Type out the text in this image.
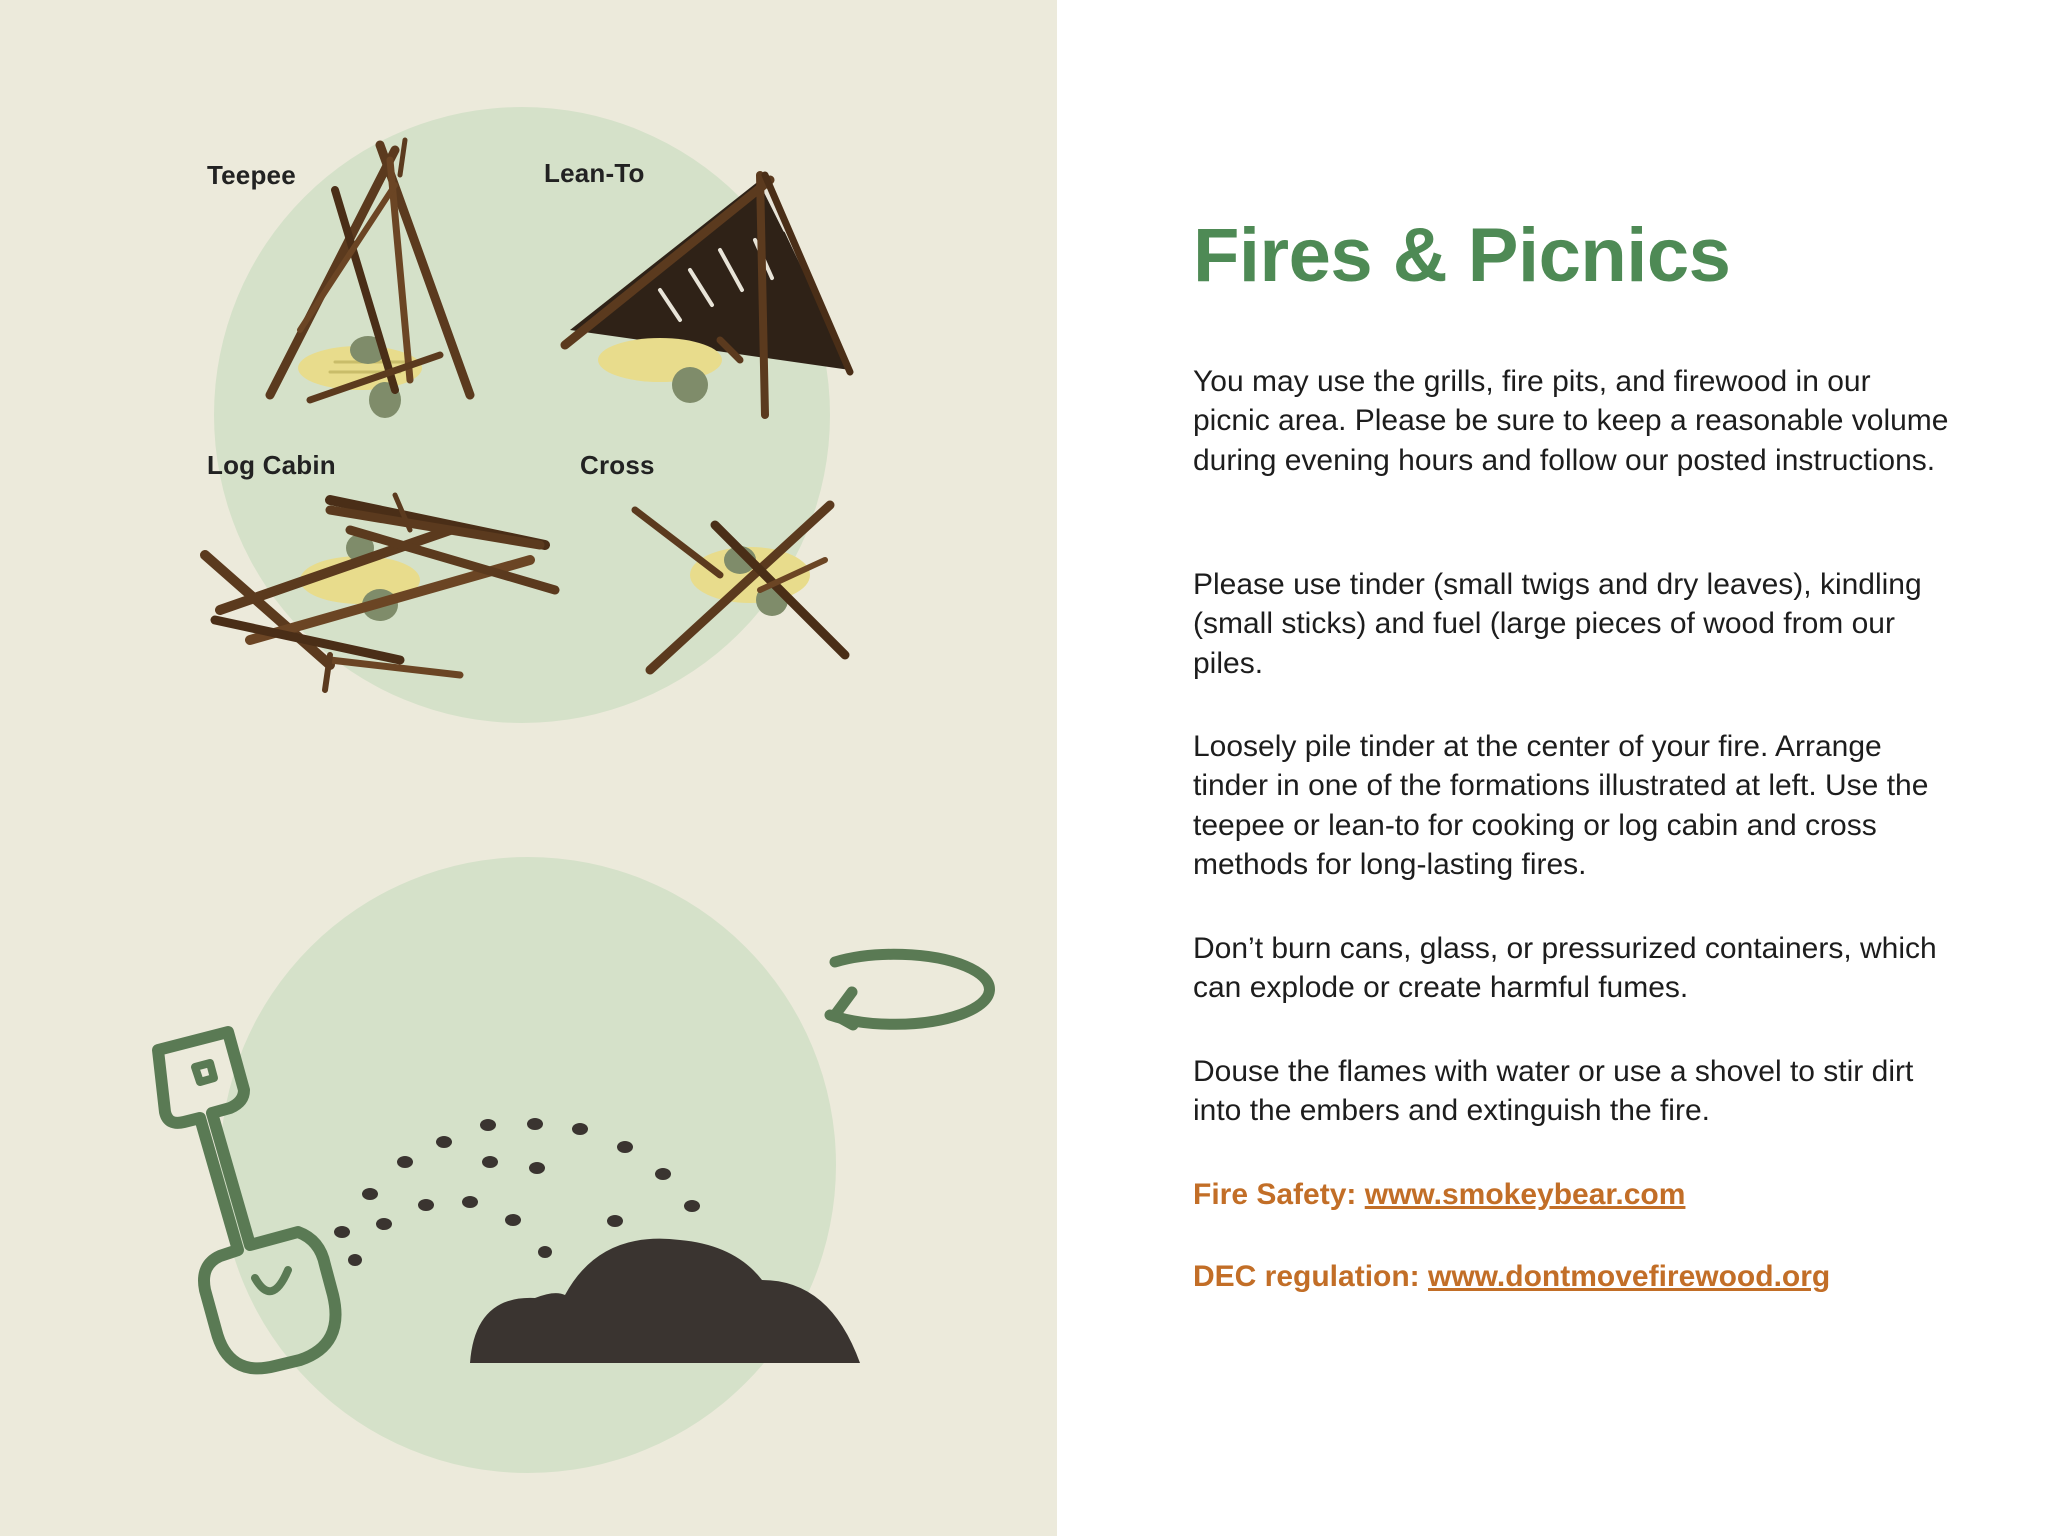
Teepee	Lean-To
Log Cabin	Cross
Fires & Picnics

You may use the grills, fire pits, and firewood in our picnic area. Please be sure to keep a reasonable volume during evening hours and follow our posted instructions.

Please use tinder (small twigs and dry leaves), kindling (small sticks) and fuel (large pieces of wood from our piles.

Loosely pile tinder at the center of your fire. Arrange tinder in one of the formations illustrated at left. Use the teepee or lean-to for cooking or log cabin and cross methods for long-lasting fires.

Don’t burn cans, glass, or pressurized containers, which can explode or create harmful fumes.

Douse the flames with water or use a shovel to stir dirt into the embers and extinguish the fire.

Fire Safety: www.smokeybear.com

DEC regulation: www.dontmovefirewood.org
